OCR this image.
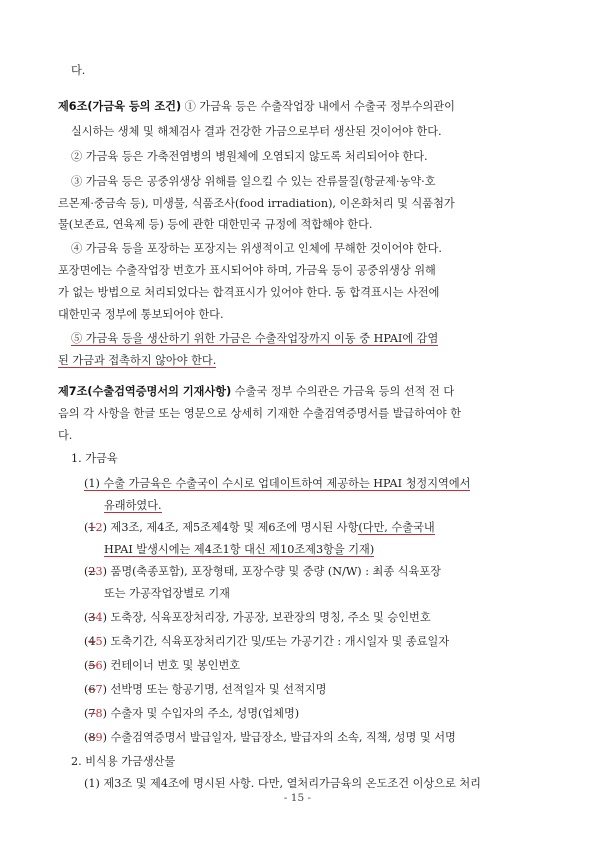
다.
제6조(가금육 등의 조건) ① 가금육 등은 수출작업장 내에서 수출국 정부수의관이
실시하는 생체 및 해체검사 결과 건강한 가금으로부터 생산된 것이어야 한다.
② 가금육 등은 가축전염병의 병원체에 오염되지 않도록 처리되어야 한다.
③ 가금육 등은 공중위생상 위해를 일으킬 수 있는 잔류물질(항균제·농약·호
르몬제·중금속 등), 미생물, 식품조사(food irradiation), 이온화처리 및 식품첨가
물(보존료, 연육제 등) 등에 관한 대한민국 규정에 적합해야 한다.
④ 가금육 등을 포장하는 포장지는 위생적이고 인체에 무해한 것이어야 한다.
포장면에는 수출작업장 번호가 표시되어야 하며, 가금육 등이 공중위생상 위해
가 없는 방법으로 처리되었다는 합격표시가 있어야 한다. 동 합격표시는 사전에
대한민국 정부에 통보되어야 한다.
⑤ 가금육 등을 생산하기 위한 가금은 수출작업장까지 이동 중 HPAI에 감염
된 가금과 접촉하지 않아야 한다.
제7조(수출검역증명서의 기재사항) 수출국 정부 수의관은 가금육 등의 선적 전 다
음의 각 사항을 한글 또는 영문으로 상세히 기재한 수출검역증명서를 발급하여야 한
다.
1. 가금육
(1) 수출 가금육은 수출국이 수시로 업데이트하여 제공하는 HPAI 청정지역에서
유래하였다.
(12) 제3조, 제4조, 제5조제4항 및 제6조에 명시된 사항(다만, 수출국내
HPAI 발생시에는 제4조1항 대신 제10조제3항을 기재)
(23) 품명(축종포함), 포장형태, 포장수량 및 중량 (N/W) : 최종 식육포장
또는 가공작업장별로 기재
(34) 도축장, 식육포장처리장, 가공장, 보관장의 명칭, 주소 및 승인번호
(45) 도축기간, 식육포장처리기간 및/또는 가공기간 : 개시일자 및 종료일자
(56) 컨테이너 번호 및 봉인번호
(67) 선박명 또는 항공기명, 선적일자 및 선적지명
(78) 수출자 및 수입자의 주소, 성명(업체명)
(89) 수출검역증명서 발급일자, 발급장소, 발급자의 소속, 직책, 성명 및 서명
2. 비식용 가금생산물
(1) 제3조 및 제4조에 명시된 사항. 다만, 열처리가금육의 온도조건 이상으로 처리
- 15 -
